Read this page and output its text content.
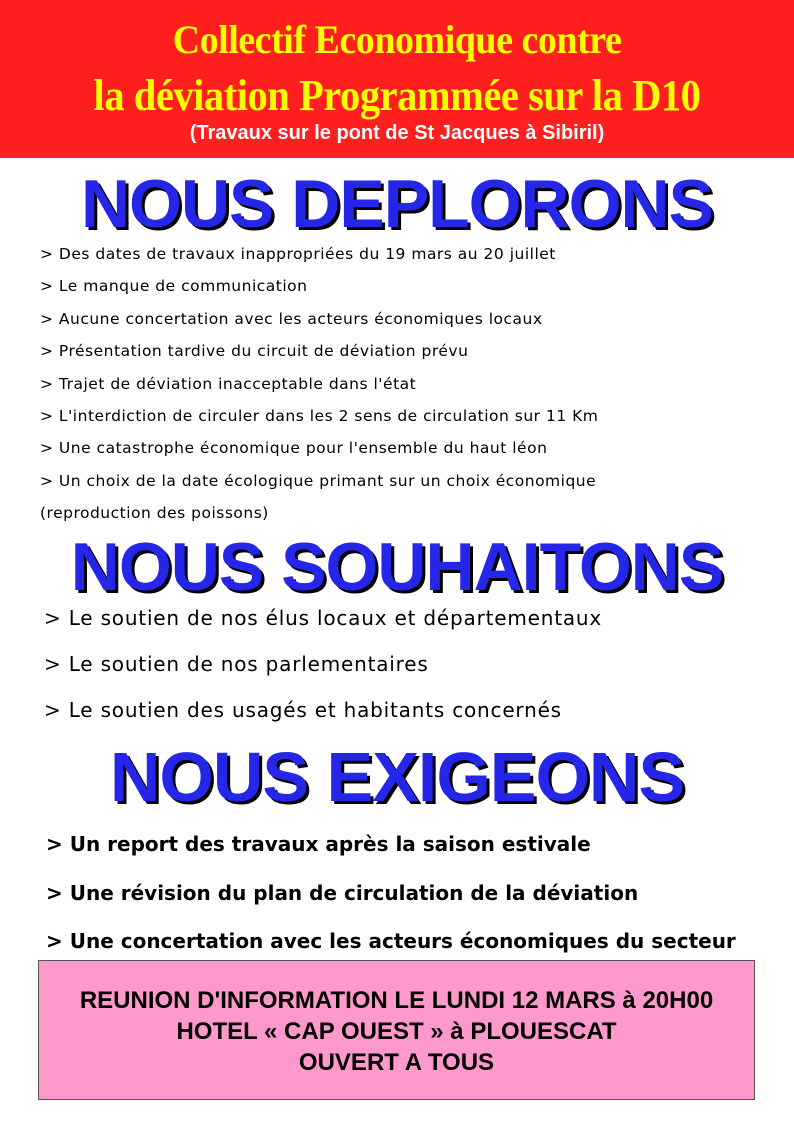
Collectif Economique contre
la déviation Programmée sur la D10
(Travaux sur le pont de St Jacques à Sibiril)
NOUS DEPLORONS
> Des dates de travaux inappropriées du 19 mars au 20 juillet
> Le manque de communication
> Aucune concertation avec les acteurs économiques locaux
> Présentation tardive du circuit de déviation prévu
> Trajet de déviation inacceptable dans l'état
> L'interdiction de circuler dans les 2 sens de circulation sur 11 Km
> Une catastrophe économique pour l'ensemble du haut léon
> Un choix de la date écologique primant sur un choix économique
(reproduction des poissons)
NOUS SOUHAITONS
> Le soutien de nos élus locaux et départementaux
> Le soutien de nos parlementaires
> Le soutien des usagés et habitants concernés
NOUS EXIGEONS
> Un report des travaux après la saison estivale
> Une révision du plan de circulation de la déviation
> Une concertation avec les acteurs économiques du secteur
REUNION D'INFORMATION LE LUNDI 12 MARS à 20H00
HOTEL « CAP OUEST » à PLOUESCAT
OUVERT A TOUS
